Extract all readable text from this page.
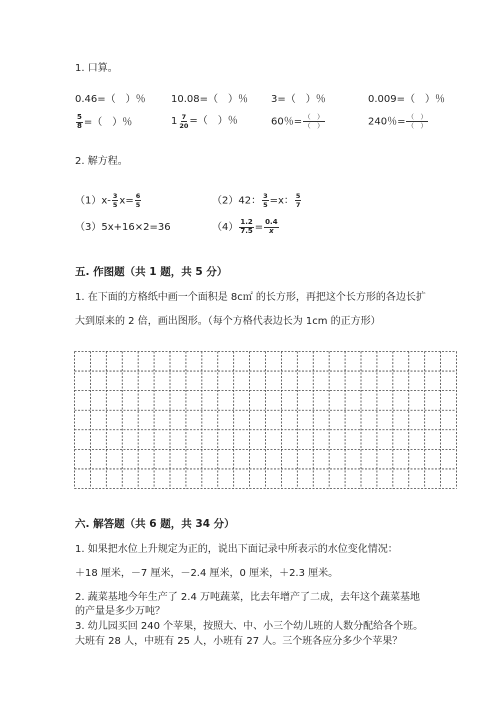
1. 口算。
0.46=（　）％	10.08=（　）％ 3=（　）％	0.009=（　）％
$\frac{5}{8}$ =（　）％	$1 \frac{7}{20}$ =（　）％	60％= $\frac{( )}{( )}$	240％= $\frac{( )}{( )}$
2. 解方程。
$(1)x- \frac{3}{5} x= \frac{6}{5}$	（2）42： $\frac{3}{5} =x$： $\frac{5}{7}$
（3）5x+16×2=36	$(4) \frac{1.2}{7.5} = \frac{0.4}{x}$
五. 作图题（共 1 题，共 5 分）
1. 在下面的方格纸中画一个面积是 8c㎡ 的长方形，再把这个长方形的各边长扩
大到原来的 2 倍，画出图形。（每个方格代表边长为 1cm 的正方形）
六. 解答题（共 6 题，共 34 分）
1. 如果把水位上升规定为正的，说出下面记录中所表示的水位变化情况：
＋18 厘米，－7 厘米，－2.4 厘米，0 厘米，＋2.3 厘米。
2. 蔬菜基地今年生产了 2.4 万吨蔬菜，比去年增产了二成，去年这个蔬菜基地
的产量是多少万吨？
3. 幼儿园买回 240 个苹果，按照大、中、小三个幼儿班的人数分配给各个班。
大班有 28 人，中班有 25 人，小班有 27 人。三个班各应分多少个苹果？
